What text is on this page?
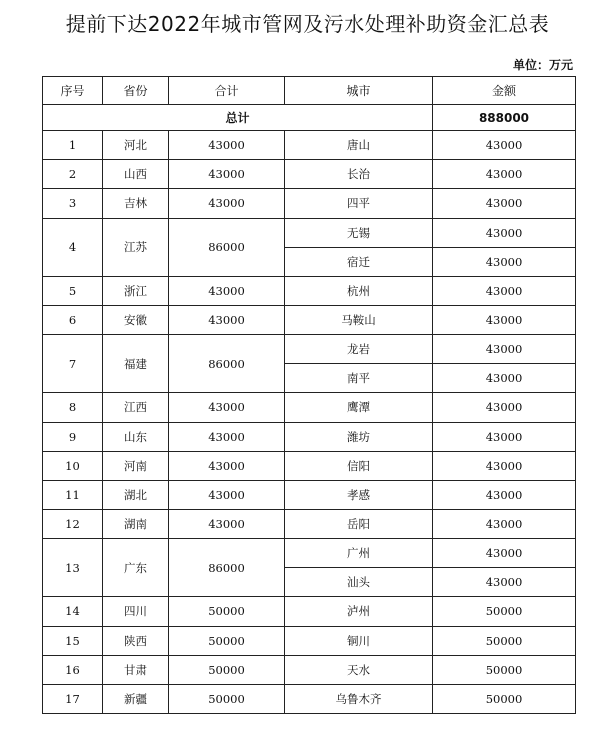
提前下达2022年城市管网及污水处理补助资金汇总表
单位：万元
序号	省份	合计	城市	金额
总计				888000
1	河北	43000	唐山	43000
2	山西	43000	长治	43000
3	吉林	43000	四平	43000
4	江苏	86000	无锡	43000
			宿迁	43000
5	浙江	43000	杭州	43000
6	安徽	43000	马鞍山	43000
7	福建	86000	龙岩	43000
			南平	43000
8	江西	43000	鹰潭	43000
9	山东	43000	潍坊	43000
10	河南	43000	信阳	43000
11	湖北	43000	孝感	43000
12	湖南	43000	岳阳	43000
13	广东	86000	广州	43000
			汕头	43000
14	四川	50000	泸州	50000
15	陕西	50000	铜川	50000
16	甘肃	50000	天水	50000
17	新疆	50000	乌鲁木齐	50000
